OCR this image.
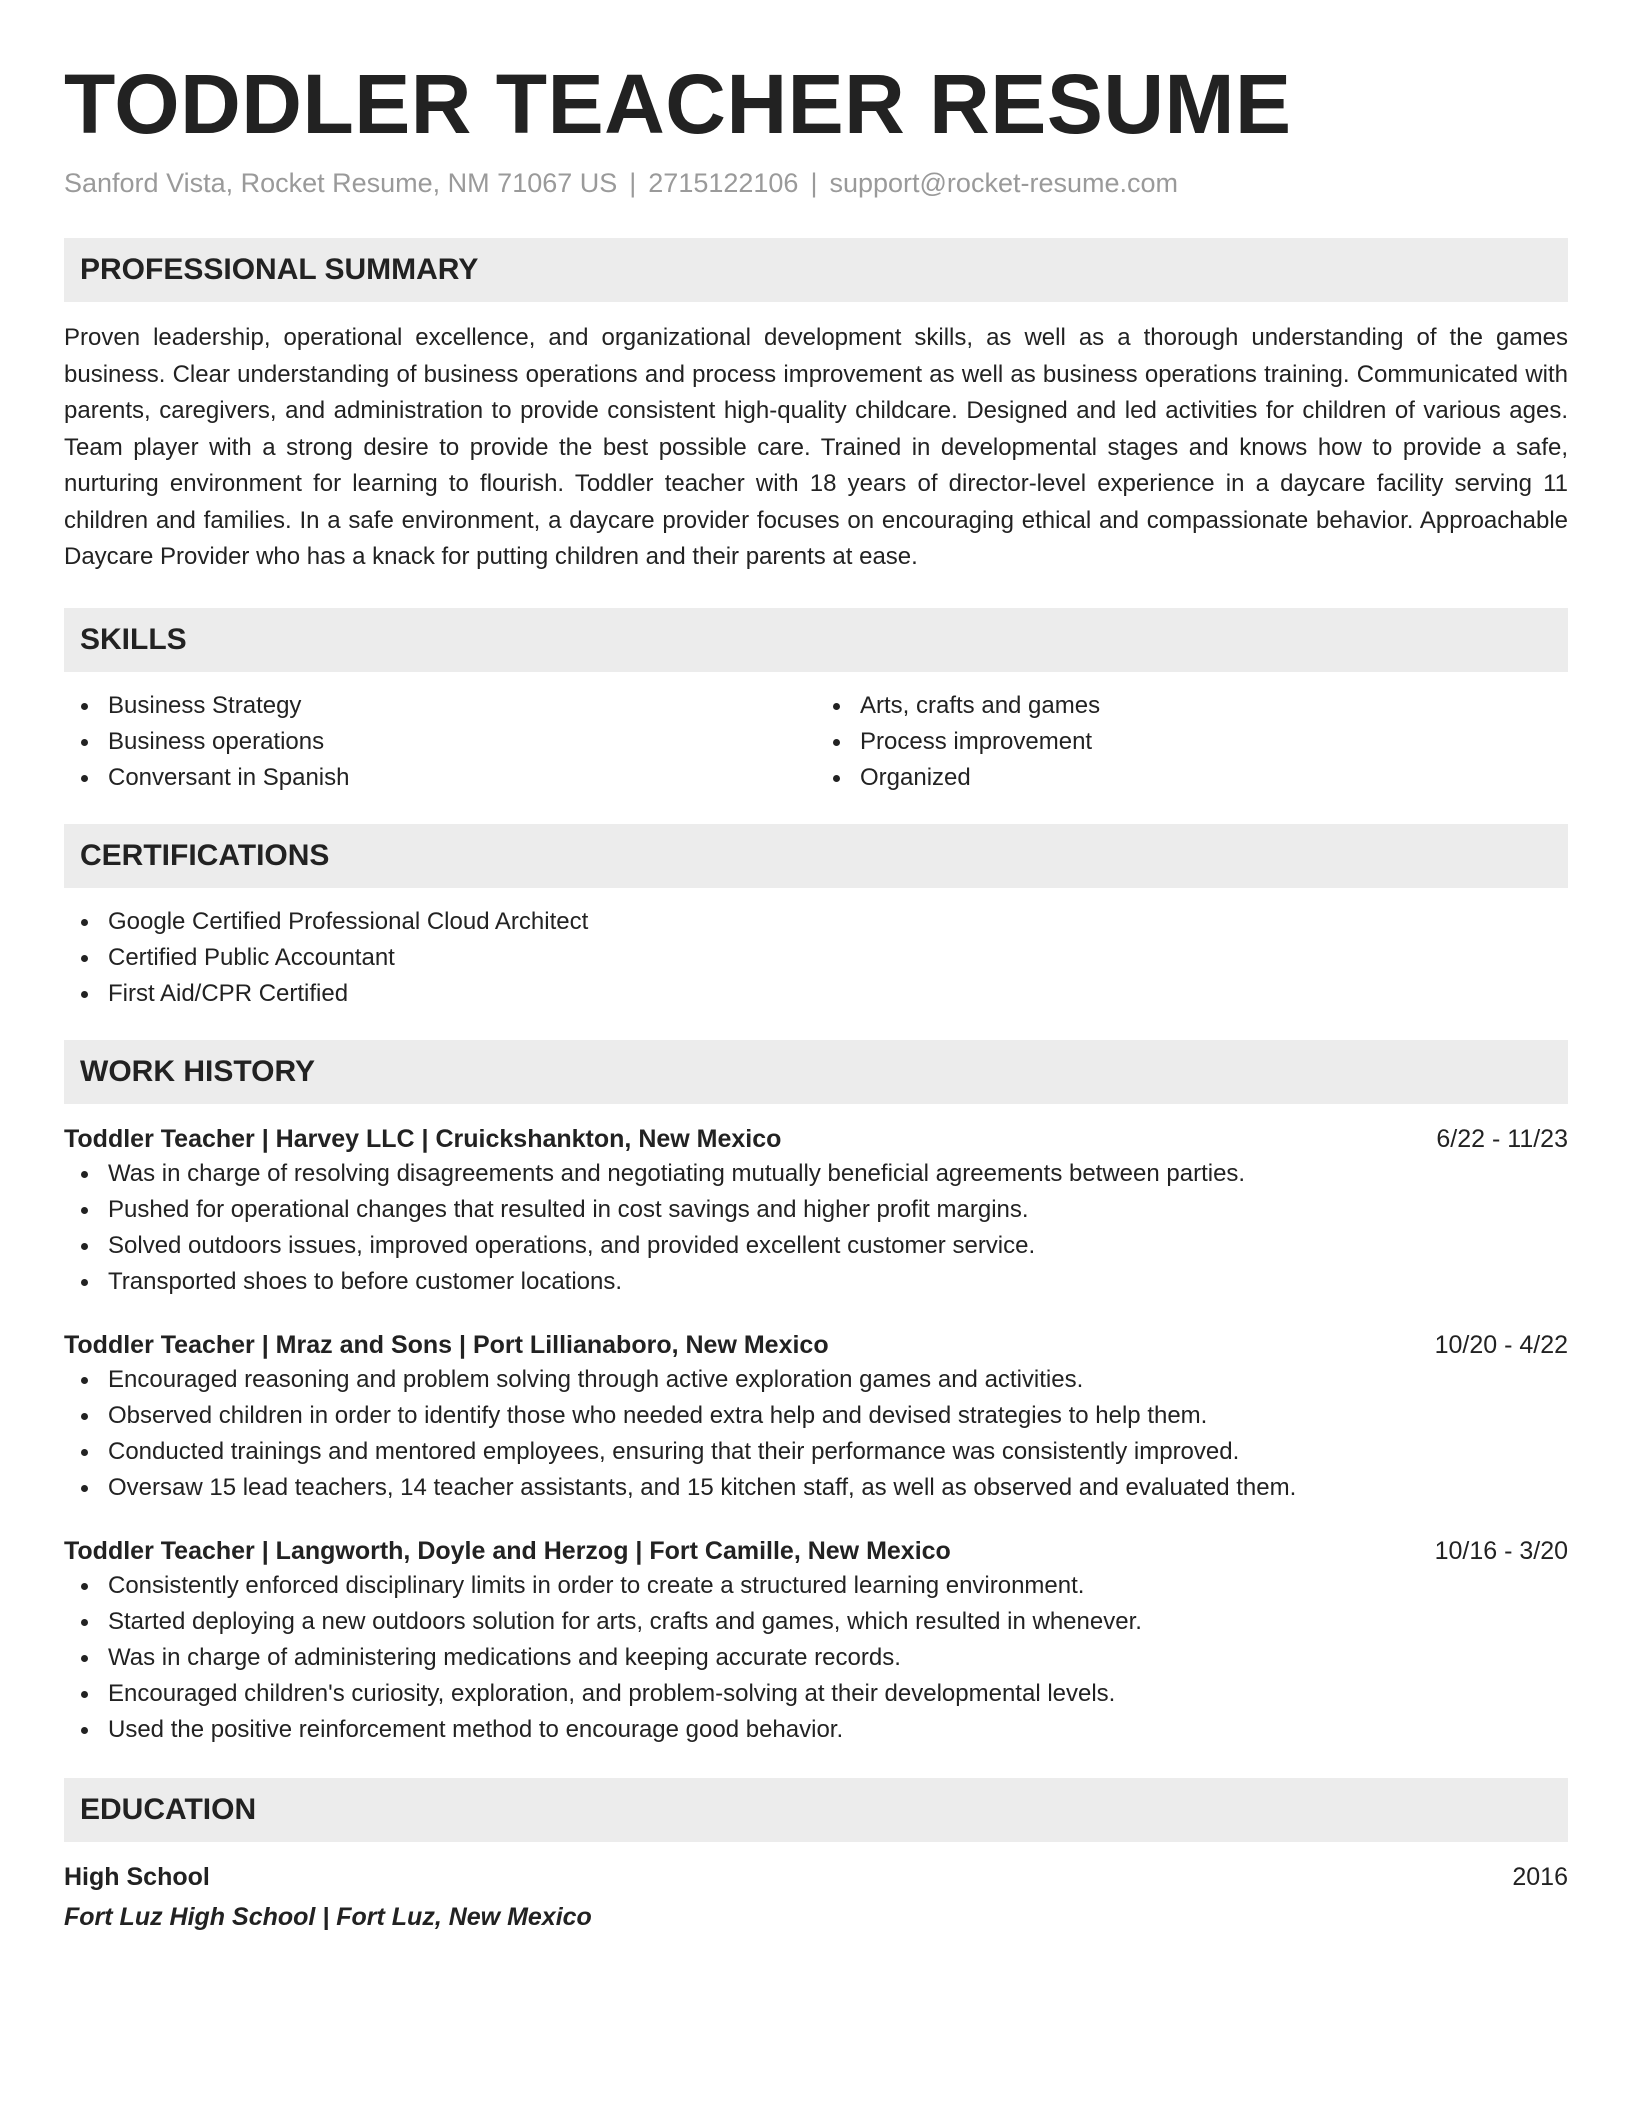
TODDLER TEACHER RESUME
Sanford Vista, Rocket Resume, NM 71067 US | 2715122106 | support@rocket-resume.com
PROFESSIONAL SUMMARY

Proven leadership, operational excellence, and organizational development skills, as well as a thorough understanding of the games business. Clear understanding of business operations and process improvement as well as business operations training. Communicated with parents, caregivers, and administration to provide consistent high-quality childcare. Designed and led activities for children of various ages. Team player with a strong desire to provide the best possible care. Trained in developmental stages and knows how to provide a safe, nurturing environment for learning to flourish. Toddler teacher with 18 years of director-level experience in a daycare facility serving 11 children and families. In a safe environment, a daycare provider focuses on encouraging ethical and compassionate behavior. Approachable Daycare Provider who has a knack for putting children and their parents at ease.

SKILLS
Business Strategy
Business operations
Conversant in Spanish
Arts, crafts and games
Process improvement
Organized
CERTIFICATIONS
Google Certified Professional Cloud Architect
Certified Public Accountant
First Aid/CPR Certified
WORK HISTORY
Toddler Teacher | Harvey LLC | Cruickshankton, New Mexico	6/22 - 11/23
Was in charge of resolving disagreements and negotiating mutually beneficial agreements between parties.
Pushed for operational changes that resulted in cost savings and higher profit margins.
Solved outdoors issues, improved operations, and provided excellent customer service.
Transported shoes to before customer locations.
Toddler Teacher | Mraz and Sons | Port Lillianaboro, New Mexico	10/20 - 4/22
Encouraged reasoning and problem solving through active exploration games and activities.
Observed children in order to identify those who needed extra help and devised strategies to help them.
Conducted trainings and mentored employees, ensuring that their performance was consistently improved.
Oversaw 15 lead teachers, 14 teacher assistants, and 15 kitchen staff, as well as observed and evaluated them.
Toddler Teacher | Langworth, Doyle and Herzog | Fort Camille, New Mexico	10/16 - 3/20
Consistently enforced disciplinary limits in order to create a structured learning environment.
Started deploying a new outdoors solution for arts, crafts and games, which resulted in whenever.
Was in charge of administering medications and keeping accurate records.
Encouraged children's curiosity, exploration, and problem-solving at their developmental levels.
Used the positive reinforcement method to encourage good behavior.
EDUCATION
High School	2016
Fort Luz High School | Fort Luz, New Mexico
